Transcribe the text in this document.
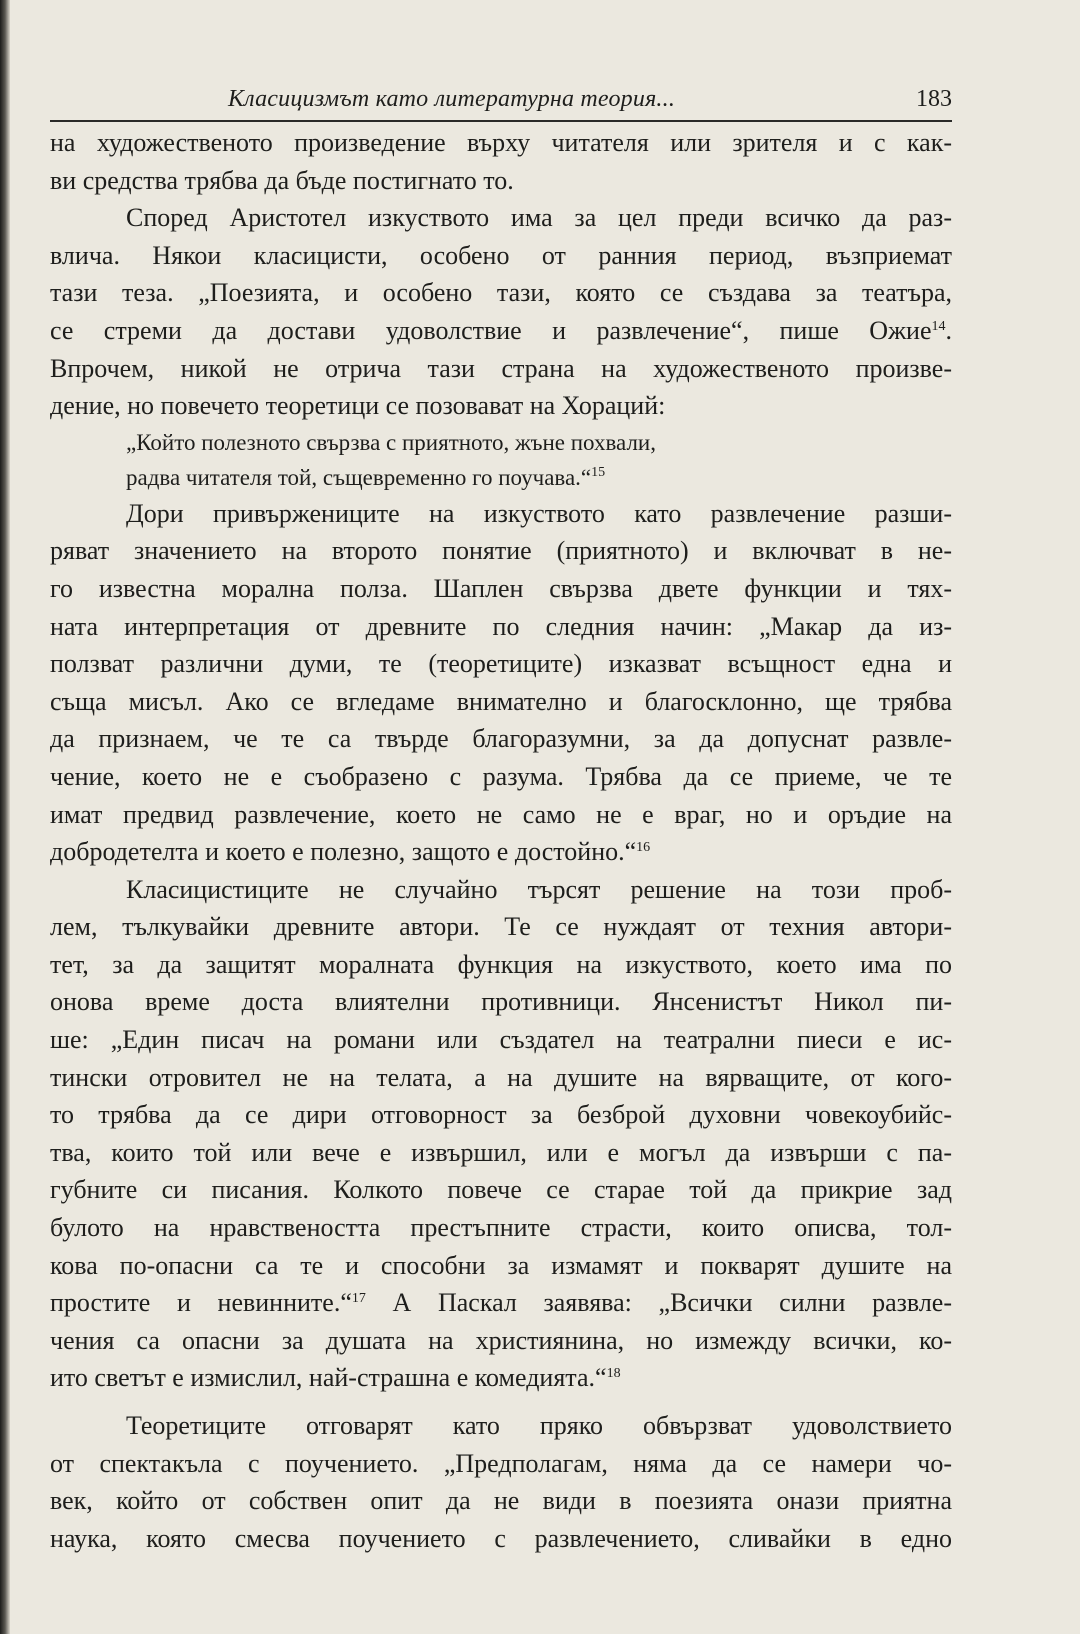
Класицизмът като литературна теория...	183
на художественото произведение върху читателя или зрителя и с как-
ви средства трябва да бъде постигнато то.
Според Аристотел изкуството има за цел преди всичко да раз-
влича. Някои класицисти, особено от ранния период, възприемат
тази теза. „Поезията, и особено тази, която се създава за театъра,
се стреми да достави удоволствие и развлечение“, пише Ожие$^{14}$.
Впрочем, никой не отрича тази страна на художественото произве-
дение, но повечето теоретици се позовават на Хораций:
„Който полезното свързва с приятното, жъне похвали,
радва читателя той, същевременно го поучава.“$^{15}$
Дори привържениците на изкуството като развлечение разши-
ряват значението на второто понятие (приятното) и включват в не-
го известна морална полза. Шаплен свързва двете функции и тях-
ната интерпретация от древните по следния начин: „Макар да из-
ползват различни думи, те (теоретиците) изказват всъщност една и
съща мисъл. Ако се вгледаме внимателно и благосклонно, ще трябва
да признаем, че те са твърде благоразумни, за да допуснат развле-
чение, което не е съобразено с разума. Трябва да се приеме, че те
имат предвид развлечение, което не само не е враг, но и оръдие на
добродетелта и което е полезно, защото е достойно.“$^{16}$
Класицистиците не случайно търсят решение на този проб-
лем, тълкувайки древните автори. Те се нуждаят от техния автори-
тет, за да защитят моралната функция на изкуството, което има по
онова време доста влиятелни противници. Янсенистът Никол пи-
ше: „Един писач на романи или създател на театрални пиеси е ис-
тински отровител не на телата, а на душите на вярващите, от кого-
то трябва да се дири отговорност за безброй духовни човекоубийс-
тва, които той или вече е извършил, или е могъл да извърши с па-
губните си писания. Колкото повече се старае той да прикрие зад
булото на нравствеността престъпните страсти, които описва, тол-
кова по-опасни са те и способни за измамят и покварят душите на
простите и невинните.“$^{17}$ А Паскал заявява: „Всички силни развле-
чения са опасни за душата на християнина, но измежду всички, ко-
ито светът е измислил, най-страшна е комедията.“$^{18}$
Теоретиците отговарят като пряко обвързват удоволствието
от спектакъла с поучението. „Предполагам, няма да се намери чо-
век, който от собствен опит да не види в поезията онази приятна
наука, която смесва поучението с развлечението, сливайки в едно
